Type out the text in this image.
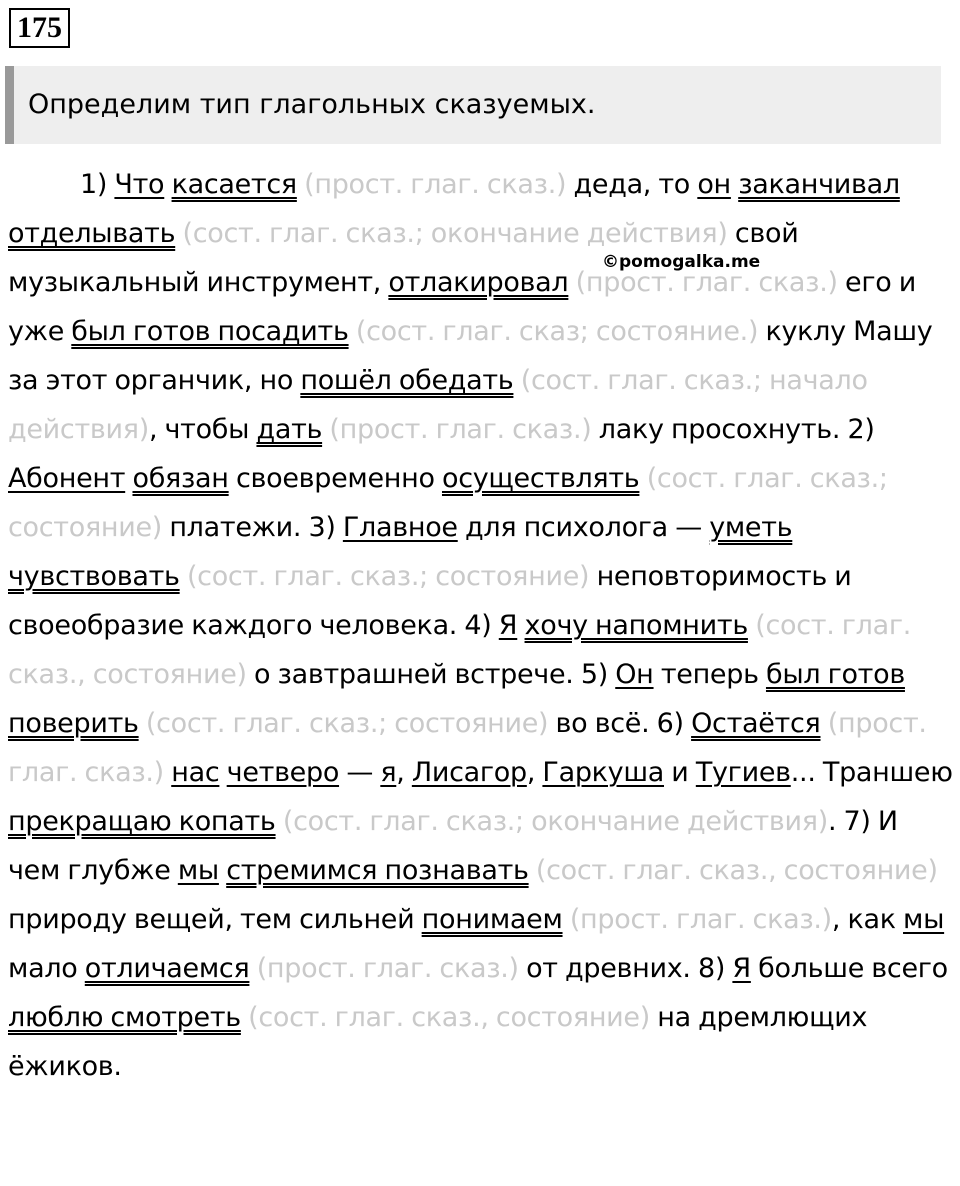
175
Определим тип глагольных сказуемых.

1) Что касается (прост. глаг. сказ.) деда, то он заканчивал отделывать (сост. глаг. сказ.; окончание действия) свой музыкальный инструмент, отлакировал (прост. глаг. сказ.) его и уже был готов посадить (сост. глаг. сказ; состояние.) куклу Машу за этот органчик, но пошёл обедать (сост. глаг. сказ.; начало действия), чтобы дать (прост. глаг. сказ.) лаку просохнуть. 2) Абонент обязан своевременно осуществлять (сост. глаг. сказ.; состояние) платежи. 3) Главное для психолога — уметь чувствовать (сост. глаг. сказ.; состояние) неповторимость и своеобразие каждого человека. 4) Я хочу напомнить (сост. глаг. сказ., состояние) о завтрашней встрече. 5) Он теперь был готов поверить (сост. глаг. сказ.; состояние) во всё. 6) Остаётся (прост. глаг. сказ.) нас четверо — я, Лисагор, Гаркуша и Тугиев... Траншею прекращаю копать (сост. глаг. сказ.; окончание действия). 7) И чем глубже мы стремимся познавать (сост. глаг. сказ., состояние) природу вещей, тем сильней понимаем (прост. глаг. сказ.), как мы мало отличаемся (прост. глаг. сказ.) от древних. 8) Я больше всего люблю смотреть (сост. глаг. сказ., состояние) на дремлющих ёжиков.

©pomogalka.me
